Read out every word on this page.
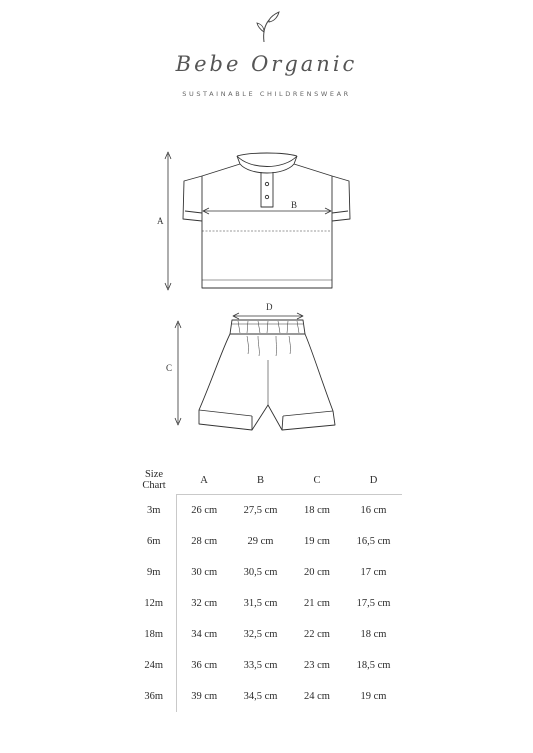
Bebe Organic
SUSTAINABLE CHILDRENSWEAR
A
B
C
D
Size
Chart	A	B	C	D
3m	26 cm	27,5 cm	18 cm	16 cm
6m	28 cm	29 cm	19 cm	16,5 cm
9m	30 cm	30,5 cm	20 cm	17 cm
12m	32 cm	31,5 cm	21 cm	17,5 cm
18m	34 cm	32,5 cm	22 cm	18 cm
24m	36 cm	33,5 cm	23 cm	18,5 cm
36m	39 cm	34,5 cm	24 cm	19 cm
